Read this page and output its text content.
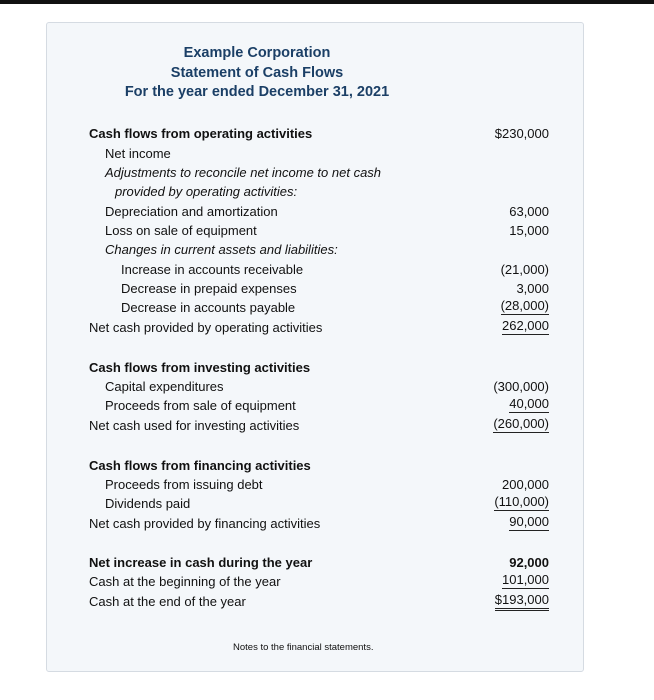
Example Corporation
Statement of Cash Flows
For the year ended December 31, 2021
Cash flows from operating activities	$230,000
Net income
Adjustments to reconcile net income to net cash
provided by operating activities:
Depreciation and amortization	63,000
Loss on sale of equipment	15,000
Changes in current assets and liabilities:
Increase in accounts receivable	(21,000)
Decrease in prepaid expenses	3,000
Decrease in accounts payable	(28,000)
Net cash provided by operating activities	262,000
Cash flows from investing activities
Capital expenditures	(300,000)
Proceeds from sale of equipment	40,000
Net cash used for investing activities	(260,000)
Cash flows from financing activities
Proceeds from issuing debt	200,000
Dividends paid	(110,000)
Net cash provided by financing activities	90,000
Net increase in cash during the year	92,000
Cash at the beginning of the year	101,000
Cash at the end of the year	$193,000
Notes to the financial statements.
